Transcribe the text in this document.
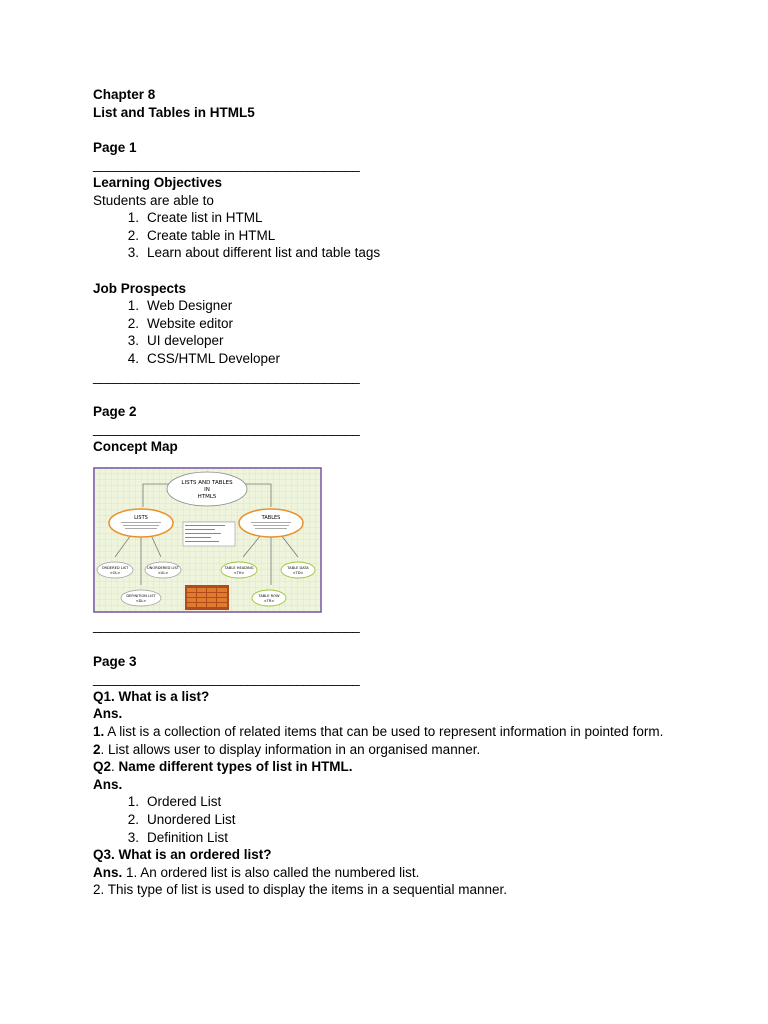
Chapter 8
List and Tables in HTML5
Page 1
______________________________________
Learning Objectives
Students are able to
1. Create list in HTML
2. Create table in HTML
3. Learn about different list and table tags
Job Prospects
1. Web Designer
2. Website editor
3. UI developer
4. CSS/HTML Developer
______________________________________
Page 2
______________________________________
Concept Map
LISTS AND TABLES
IN
HTML5
LISTS	TABLES
ORDERED LIST
<OL>
UNORDERED LIST
<UL>
DEFINITION LIST
<DL>
TABLE HEADING
<TH>
TABLE DATA
<TD>
TABLE ROW
<TR>
______________________________________
Page 3
______________________________________
Q1. What is a list?
Ans.
1. A list is a collection of related items that can be used to represent information in pointed form.
2. List allows user to display information in an organised manner.
Q2. Name different types of list in HTML.
Ans.
1. Ordered List
2. Unordered List
3. Definition List
Q3. What is an ordered list?
Ans. 1. An ordered list is also called the numbered list.
2. This type of list is used to display the items in a sequential manner.
